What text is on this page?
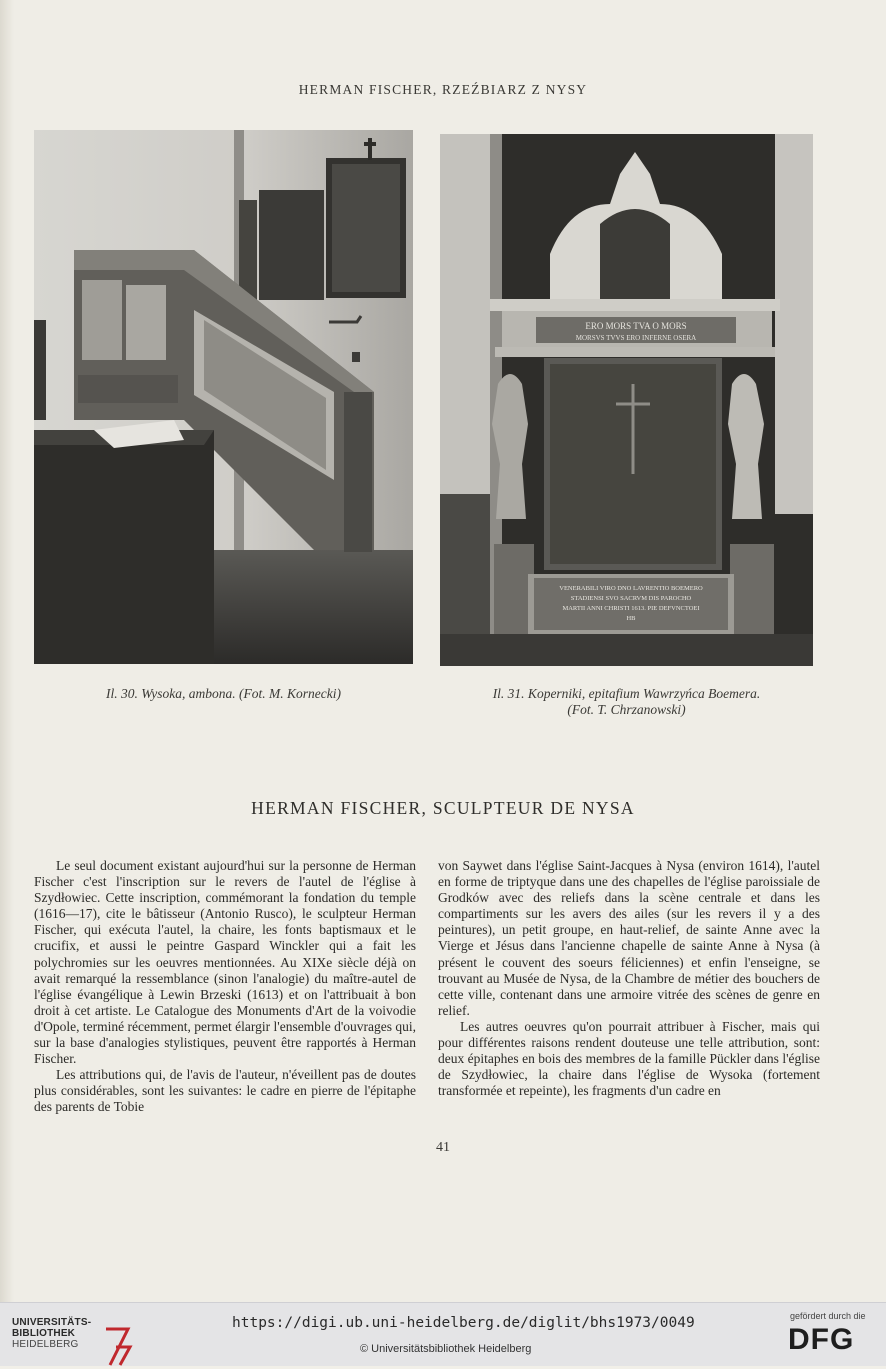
HERMAN FISCHER, RZEŹBIARZ Z NYSY
ERO MORS TVA O MORS
MORSVS TVVS ERO INFERNE OSERA
VENERABILI VIRO DNO LAVRENTIO BOEMERO
STADIENSI SVO SACRVM DIS PAROCHO
MARTII ANNI CHRISTI 1613. PIE DEFVNCTOEI
HB
Il. 30. Wysoka, ambona. (Fot. M. Kornecki)	Il. 31. Koperniki, epitafium Wawrzyńca Boemera.
(Fot. T. Chrzanowski)
HERMAN FISCHER, SCULPTEUR DE NYSA

Le seul document existant aujourd'hui sur la personne de Herman Fischer c'est l'inscription sur le revers de l'autel de l'église à Szydłowiec. Cette inscription, commémorant la fondation du temple (1616—17), cite le bâtisseur (Antonio Rusco), le sculpteur Herman Fischer, qui exécuta l'autel, la chaire, les fonts baptismaux et le crucifix, et aussi le peintre Gaspard Winckler qui a fait les polychromies sur les oeuvres mentionnées. Au XIXe siècle déjà on avait remarqué la ressemblance (sinon l'analogie) du maître-autel de l'église évangélique à Lewin Brzeski (1613) et on l'attribuait à bon droit à cet artiste. Le Catalogue des Monuments d'Art de la voivodie d'Opole, terminé récemment, permet élargir l'ensemble d'ouvrages qui, sur la base d'analogies stylistiques, peuvent être rapportés à Herman Fischer.

Les attributions qui, de l'avis de l'auteur, n'éveillent pas de doutes plus considérables, sont les suivantes: le cadre en pierre de l'épitaphe des parents de Tobie

von Saywet dans l'église Saint-Jacques à Nysa (environ 1614), l'autel en forme de triptyque dans une des chapelles de l'église paroissiale de Grodków avec des reliefs dans la scène centrale et dans les compartiments sur les avers des ailes (sur les revers il y a des peintures), un petit groupe, en haut-relief, de sainte Anne avec la Vierge et Jésus dans l'ancienne chapelle de sainte Anne à Nysa (à présent le couvent des soeurs féliciennes) et enfin l'enseigne, se trouvant au Musée de Nysa, de la Chambre de métier des bouchers de cette ville, contenant dans une armoire vitrée des scènes de genre en relief.

Les autres oeuvres qu'on pourrait attribuer à Fischer, mais qui pour différentes raisons rendent douteuse une telle attribution, sont: deux épitaphes en bois des membres de la famille Pückler dans l'église de Szydłowiec, la chaire dans l'église de Wysoka (fortement transformée et repeinte), les fragments d'un cadre en

41
UNIVERSITÄTS-
BIBLIOTHEK
HEIDELBERG
https://digi.ub.uni-heidelberg.de/diglit/bhs1973/0049
© Universitätsbibliothek Heidelberg
gefördert durch die
DFG
